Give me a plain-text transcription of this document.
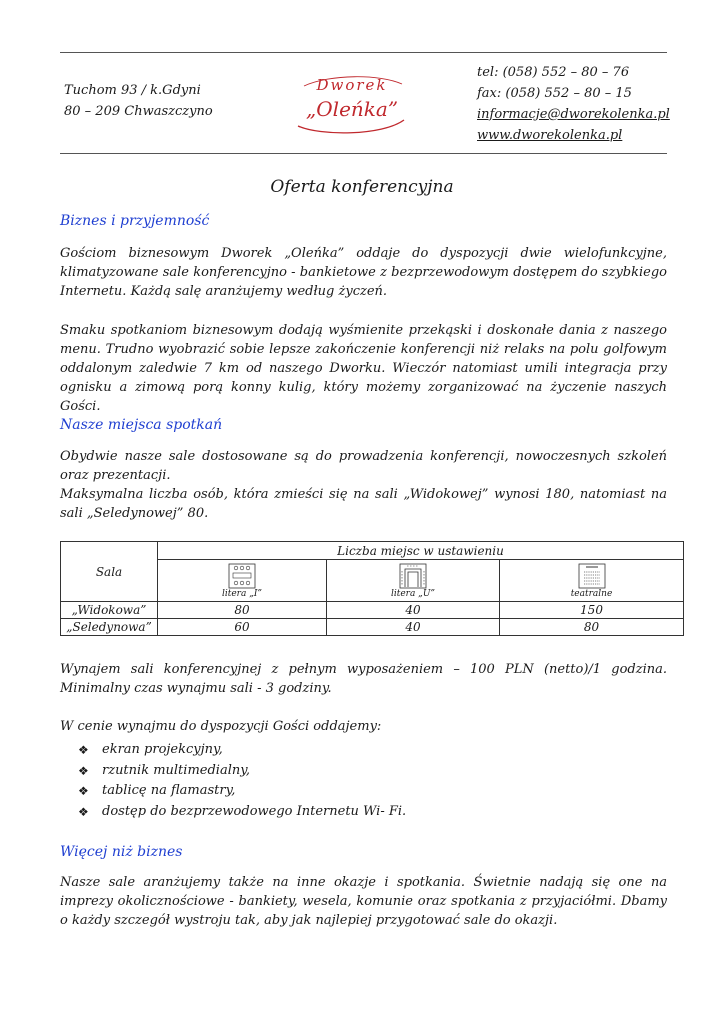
Tuchom 93 / k.Gdyni
80 – 209 Chwaszczyno
Dworek
„Oleńka”
tel: (058) 552 – 80 – 76
fax: (058) 552 – 80 – 15
informacje@dworekolenka.pl
www.dworekolenka.pl
Oferta konferencyjna
Biznes i przyjemność
Gościom biznesowym Dworek „Oleńka” oddaje do dyspozycji dwie wielofunkcyjne, klimatyzowane sale konferencyjno - bankietowe z bezprzewodowym dostępem do szybkiego Internetu. Każdą salę aranżujemy według życzeń.
Smaku spotkaniom biznesowym dodają wyśmienite przekąski i doskonałe dania z naszego menu. Trudno wyobrazić sobie lepsze zakończenie konferencji niż relaks na polu golfowym oddalonym zaledwie 7 km od naszego Dworku. Wieczór natomiast umili integracja przy ognisku a zimową porą konny kulig, który możemy zorganizować na życzenie naszych Gości.
Nasze miejsca spotkań
Obydwie nasze sale dostosowane są do prowadzenia konferencji, nowoczesnych szkoleń oraz prezentacji.
Maksymalna liczba osób, która zmieści się na sali „Widokowej” wynosi 180, natomiast na sali „Seledynowej” 80.
Sala	Liczba miejsc w ustawieniu		

	litera „I”	litera „U”	teatralne

„Widokowa”	80	40	150
„Seledynowa”	60	40	80
Wynajem sali konferencyjnej z pełnym wyposażeniem – 100 PLN (netto)/1 godzina. Minimalny czas wynajmu sali - 3 godziny.
W cenie wynajmu do dyspozycji Gości oddajemy:
❖ ekran projekcyjny,
❖ rzutnik multimedialny,
❖ tablicę na flamastry,
❖ dostęp do bezprzewodowego Internetu Wi- Fi.
Więcej niż biznes
Nasze sale aranżujemy także na inne okazje i spotkania. Świetnie nadają się one na imprezy okolicznościowe - bankiety, wesela, komunie oraz spotkania z przyjaciółmi. Dbamy o każdy szczegół wystroju tak, aby jak najlepiej przygotować sale do okazji.
